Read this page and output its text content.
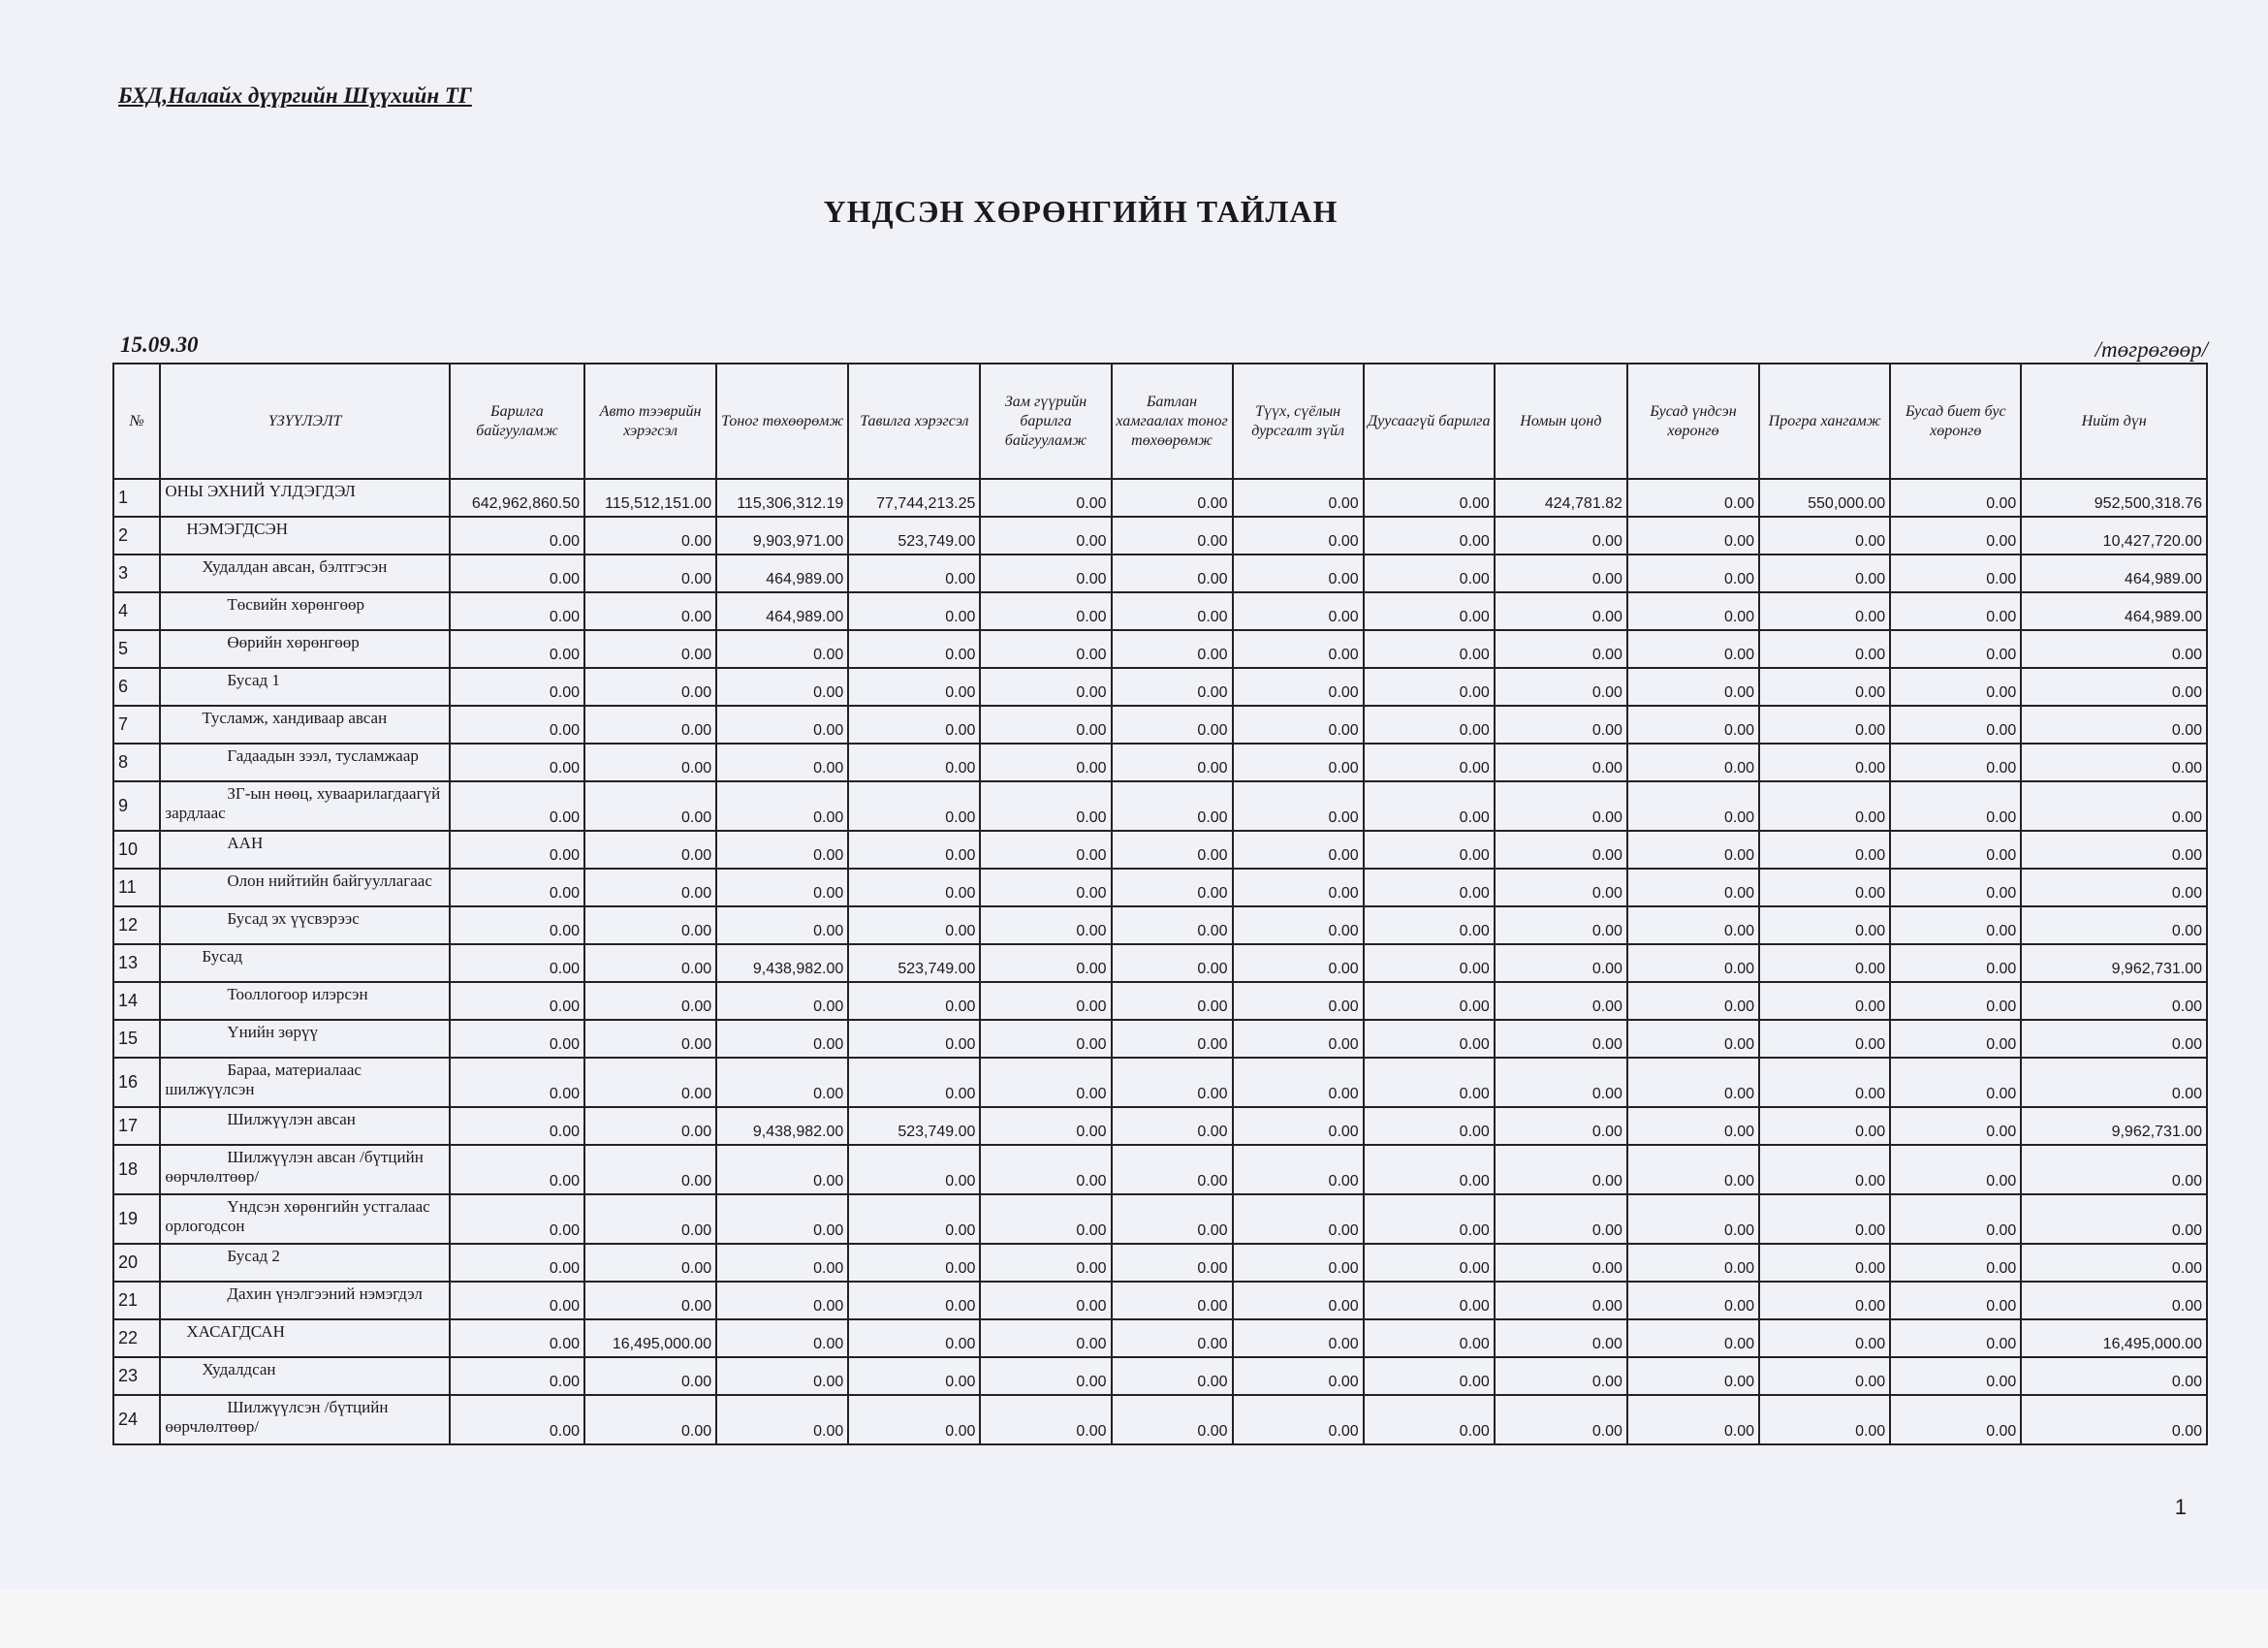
БХД,Налайх дүүргийн Шүүхийн ТГ
ҮНДСЭН ХӨРӨНГИЙН ТАЙЛАН
15.09.30	/төгрөгөөр/
№	ҮЗҮҮЛЭЛТ	Барилга байгууламж	Авто тээврийн хэрэгсэл	Тоног төхөөрөмж	Тавилга хэрэгсэл	Зам гүүрийн барилга байгууламж	Батлан хамгаалах тоног төхөөрөмж	Түүх, сүёлын дурсгалт зүйл	Дуусаагүй барилга	Номын цонд	Бусад үндсэн хөронгө	Програ хангамж	Бусад биет бус хөронгө	Нийт дүн
1	ОНЫ ЭХНИЙ ҮЛДЭГДЭЛ	642,962,860.50	115,512,151.00	115,306,312.19	77,744,213.25	0.00	0.00	0.00	0.00	424,781.82	0.00	550,000.00	0.00	952,500,318.76
2	НЭМЭГДСЭН	0.00	0.00	9,903,971.00	523,749.00	0.00	0.00	0.00	0.00	0.00	0.00	0.00	0.00	10,427,720.00
3	Худалдан авсан, бэлтгэсэн	0.00	0.00	464,989.00	0.00	0.00	0.00	0.00	0.00	0.00	0.00	0.00	0.00	464,989.00
4	Төсвийн хөрөнгөөр	0.00	0.00	464,989.00	0.00	0.00	0.00	0.00	0.00	0.00	0.00	0.00	0.00	464,989.00
5	Өөрийн хөрөнгөөр	0.00	0.00	0.00	0.00	0.00	0.00	0.00	0.00	0.00	0.00	0.00	0.00	0.00
6	Бусад 1	0.00	0.00	0.00	0.00	0.00	0.00	0.00	0.00	0.00	0.00	0.00	0.00	0.00
7	Тусламж, хандиваар авсан	0.00	0.00	0.00	0.00	0.00	0.00	0.00	0.00	0.00	0.00	0.00	0.00	0.00
8	Гадаадын зээл, тусламжаар	0.00	0.00	0.00	0.00	0.00	0.00	0.00	0.00	0.00	0.00	0.00	0.00	0.00
9	ЗГ-ын нөөц, хуваарилагдаагүй зардлаас	0.00	0.00	0.00	0.00	0.00	0.00	0.00	0.00	0.00	0.00	0.00	0.00	0.00
10	ААН	0.00	0.00	0.00	0.00	0.00	0.00	0.00	0.00	0.00	0.00	0.00	0.00	0.00
11	Олон нийтийн байгууллагаас	0.00	0.00	0.00	0.00	0.00	0.00	0.00	0.00	0.00	0.00	0.00	0.00	0.00
12	Бусад эх үүсвэрээс	0.00	0.00	0.00	0.00	0.00	0.00	0.00	0.00	0.00	0.00	0.00	0.00	0.00
13	Бусад	0.00	0.00	9,438,982.00	523,749.00	0.00	0.00	0.00	0.00	0.00	0.00	0.00	0.00	9,962,731.00
14	Тооллогоор илэрсэн	0.00	0.00	0.00	0.00	0.00	0.00	0.00	0.00	0.00	0.00	0.00	0.00	0.00
15	Үнийн зөрүү	0.00	0.00	0.00	0.00	0.00	0.00	0.00	0.00	0.00	0.00	0.00	0.00	0.00
16	Бараа, материалаас шилжүүлсэн	0.00	0.00	0.00	0.00	0.00	0.00	0.00	0.00	0.00	0.00	0.00	0.00	0.00
17	Шилжүүлэн авсан	0.00	0.00	9,438,982.00	523,749.00	0.00	0.00	0.00	0.00	0.00	0.00	0.00	0.00	9,962,731.00
18	Шилжүүлэн авсан /бүтцийн өөрчлөлтөөр/	0.00	0.00	0.00	0.00	0.00	0.00	0.00	0.00	0.00	0.00	0.00	0.00	0.00
19	Үндсэн хөрөнгийн устгалаас орлогодсон	0.00	0.00	0.00	0.00	0.00	0.00	0.00	0.00	0.00	0.00	0.00	0.00	0.00
20	Бусад 2	0.00	0.00	0.00	0.00	0.00	0.00	0.00	0.00	0.00	0.00	0.00	0.00	0.00
21	Дахин үнэлгээний нэмэгдэл	0.00	0.00	0.00	0.00	0.00	0.00	0.00	0.00	0.00	0.00	0.00	0.00	0.00
22	ХАСАГДСАН	0.00	16,495,000.00	0.00	0.00	0.00	0.00	0.00	0.00	0.00	0.00	0.00	0.00	16,495,000.00
23	Худалдсан	0.00	0.00	0.00	0.00	0.00	0.00	0.00	0.00	0.00	0.00	0.00	0.00	0.00
24	Шилжүүлсэн /бүтцийн өөрчлөлтөөр/	0.00	0.00	0.00	0.00	0.00	0.00	0.00	0.00	0.00	0.00	0.00	0.00	0.00
1
